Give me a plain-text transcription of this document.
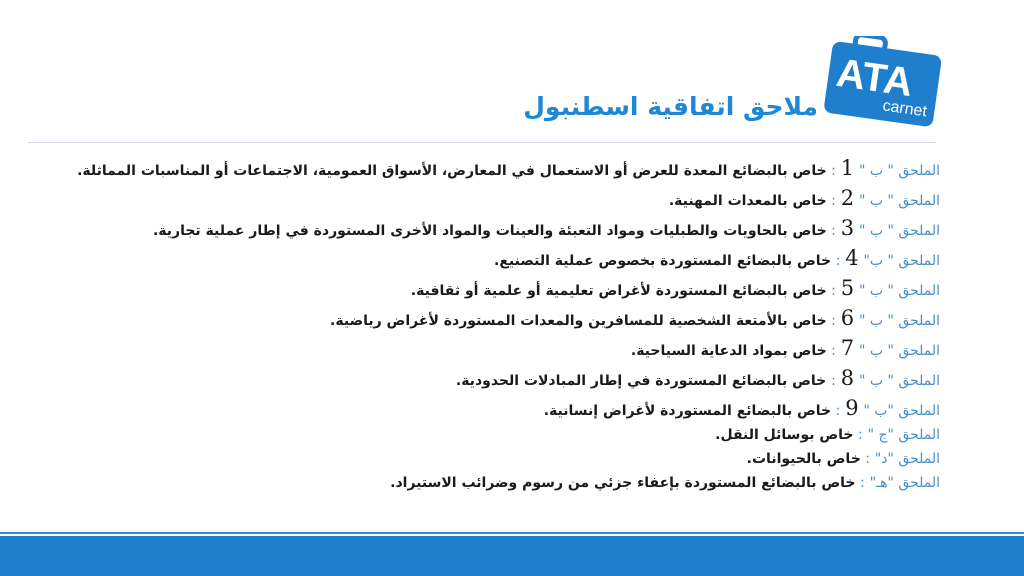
ATA
carnet
ملاحق اتفاقية اسطنبول
الملحق " ب " 1 : خاص بالبضائع المعدة للعرض أو الاستعمال في المعارض، الأسواق العمومية، الاجتماعات أو المناسبات المماثلة.
الملحق " ب " 2 : خاص بالمعدات المهنية.
الملحق " ب " 3 : خاص بالحاويات والطبليات ومواد التعبئة والعينات والمواد الأخرى المستوردة في إطار عملية تجارية.
الملحق " ب" 4 : خاص بالبضائع المستوردة بخصوص عملية التصنيع.
الملحق " ب " 5 : خاص بالبضائع المستوردة لأغراض تعليمية أو علمية أو ثقافية.
الملحق " ب " 6 : خاص بالأمتعة الشخصية للمسافرين والمعدات المستوردة لأغراض رياضية.
الملحق " ب " 7 : خاص بمواد الدعاية السياحية.
الملحق " ب " 8 : خاص بالبضائع المستوردة في إطار المبادلات الحدودية.
الملحق "ب " 9 : خاص بالبضائع المستوردة لأغراض إنسانية.
الملحق "ج " : خاص بوسائل النقل.
الملحق "د" : خاص بالحيوانات.
الملحق "هـ" : خاص بالبضائع المستوردة بإعفاء جزئي من رسوم وضرائب الاستيراد.
